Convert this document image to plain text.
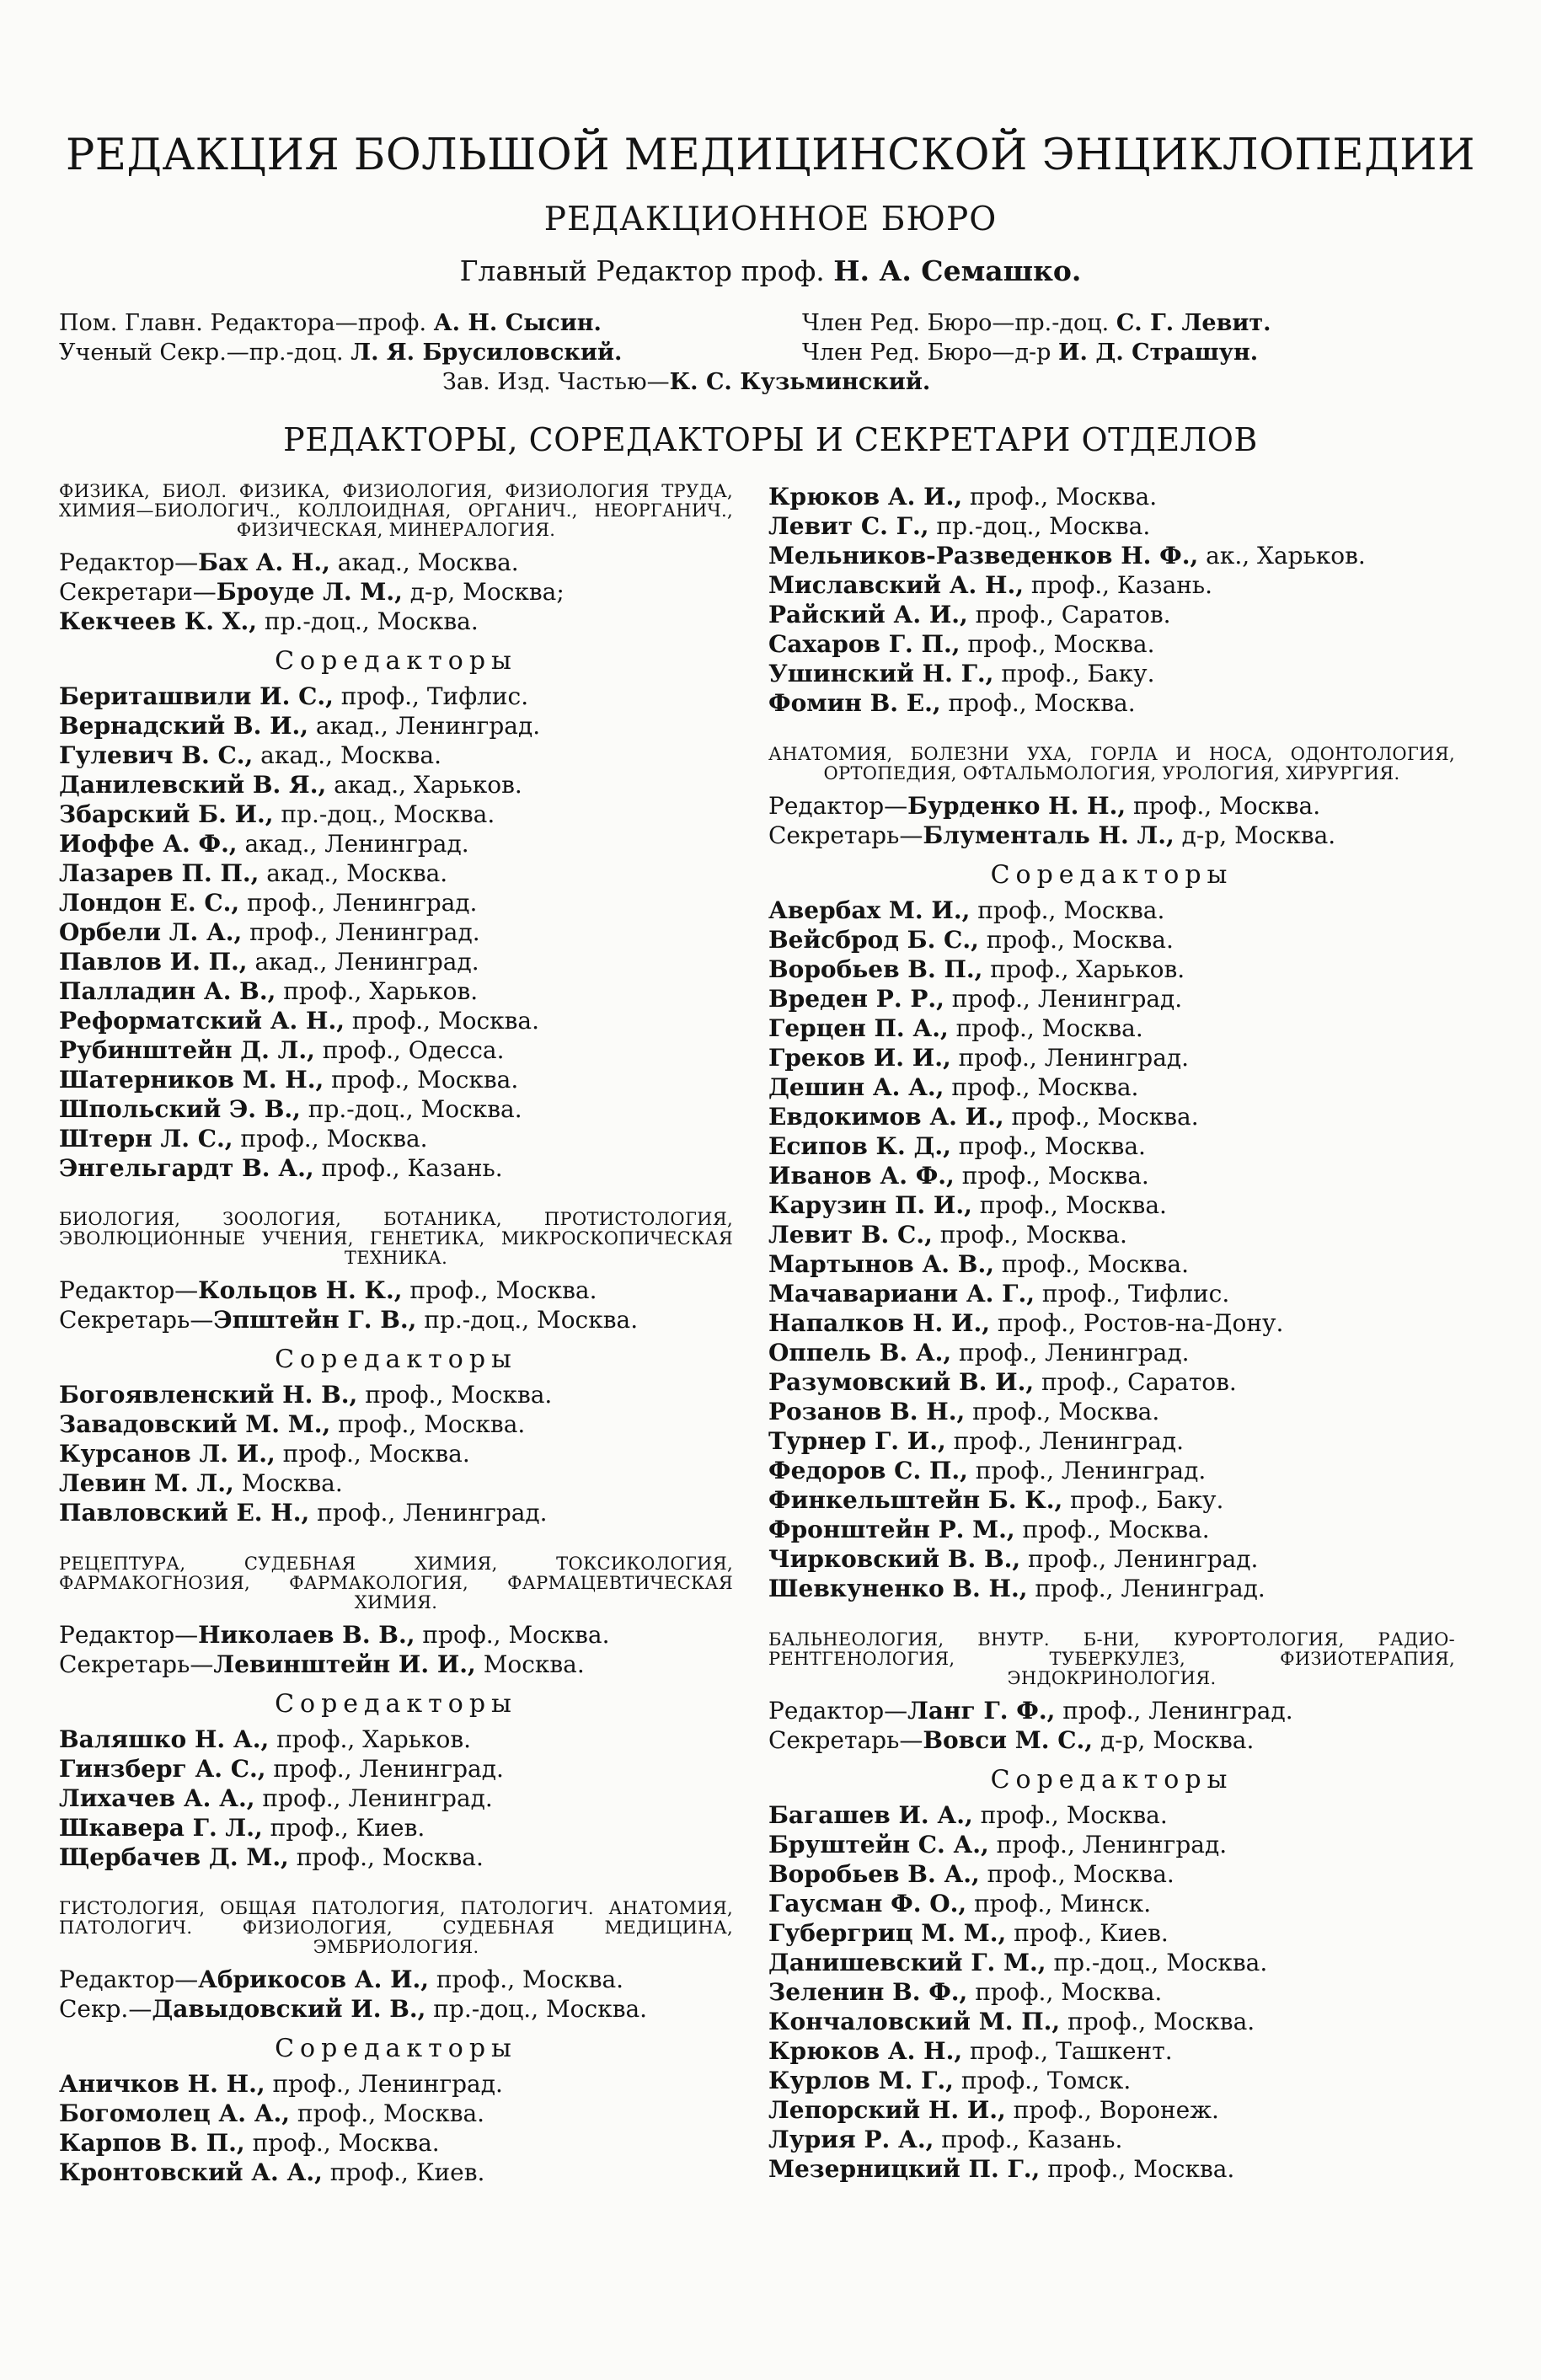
РЕДАКЦИЯ БОЛЬШОЙ МЕДИЦИНСКОЙ ЭНЦИКЛОПЕДИИ
РЕДАКЦИОННОЕ БЮРО
Главный Редактор проф. Н. А. Семашко.
Пом. Главн. Редактора—проф. А. Н. Сысин.	Член Ред. Бюро—пр.-доц. С. Г. Левит.
Ученый Секр.—пр.-доц. Л. Я. Брусиловский.	Член Ред. Бюро—д-р И. Д. Страшун.
Зав. Изд. Частью—К. С. Кузьминский.
РЕДАКТОРЫ, СОРЕДАКТОРЫ И СЕКРЕТАРИ ОТДЕЛОВ
ФИЗИКА, БИОЛ. ФИЗИКА, ФИЗИОЛОГИЯ, ФИЗИОЛОГИЯ ТРУДА, ХИМИЯ—БИОЛОГИЧ., КОЛЛОИДНАЯ, ОРГАНИЧ., НЕОРГАНИЧ., ФИЗИЧЕСКАЯ, МИНЕРАЛОГИЯ.
Редактор—Бах А. Н., акад., Москва.
Секретари—Броуде Л. М., д-р, Москва;
Кекчеев К. Х., пр.-доц., Москва.
Соредакторы
Бериташвили И. С., проф., Тифлис.
Вернадский В. И., акад., Ленинград.
Гулевич В. С., акад., Москва.
Данилевский В. Я., акад., Харьков.
Збарский Б. И., пр.-доц., Москва.
Иоффе А. Ф., акад., Ленинград.
Лазарев П. П., акад., Москва.
Лондон Е. С., проф., Ленинград.
Орбели Л. А., проф., Ленинград.
Павлов И. П., акад., Ленинград.
Палладин А. В., проф., Харьков.
Реформатский А. Н., проф., Москва.
Рубинштейн Д. Л., проф., Одесса.
Шатерников М. Н., проф., Москва.
Шпольский Э. В., пр.-доц., Москва.
Штерн Л. С., проф., Москва.
Энгельгардт В. А., проф., Казань.
БИОЛОГИЯ, ЗООЛОГИЯ, БОТАНИКА, ПРОТИСТОЛОГИЯ, ЭВОЛЮЦИОННЫЕ УЧЕНИЯ, ГЕНЕТИКА, МИКРОСКОПИЧЕСКАЯ ТЕХНИКА.
Редактор—Кольцов Н. К., проф., Москва.
Секретарь—Эпштейн Г. В., пр.-доц., Москва.
Соредакторы
Богоявленский Н. В., проф., Москва.
Завадовский М. М., проф., Москва.
Курсанов Л. И., проф., Москва.
Левин М. Л., Москва.
Павловский Е. Н., проф., Ленинград.
РЕЦЕПТУРА, СУДЕБНАЯ ХИМИЯ, ТОКСИКОЛОГИЯ, ФАРМАКОГНОЗИЯ, ФАРМАКОЛОГИЯ, ФАРМАЦЕВТИЧЕСКАЯ ХИМИЯ.
Редактор—Николаев В. В., проф., Москва.
Секретарь—Левинштейн И. И., Москва.
Соредакторы
Валяшко Н. А., проф., Харьков.
Гинзберг А. С., проф., Ленинград.
Лихачев А. А., проф., Ленинград.
Шкавера Г. Л., проф., Киев.
Щербачев Д. М., проф., Москва.
ГИСТОЛОГИЯ, ОБЩАЯ ПАТОЛОГИЯ, ПАТОЛОГИЧ. АНАТОМИЯ, ПАТОЛОГИЧ. ФИЗИОЛОГИЯ, СУДЕБНАЯ МЕДИЦИНА, ЭМБРИОЛОГИЯ.
Редактор—Абрикосов А. И., проф., Москва.
Секр.—Давыдовский И. В., пр.-доц., Москва.
Соредакторы
Аничков Н. Н., проф., Ленинград.
Богомолец А. А., проф., Москва.
Карпов В. П., проф., Москва.
Кронтовский А. А., проф., Киев.
Крюков А. И., проф., Москва.
Левит С. Г., пр.-доц., Москва.
Мельников-Разведенков Н. Ф., ак., Харьков.
Миславский А. Н., проф., Казань.
Райский А. И., проф., Саратов.
Сахаров Г. П., проф., Москва.
Ушинский Н. Г., проф., Баку.
Фомин В. Е., проф., Москва.
АНАТОМИЯ, БОЛЕЗНИ УХА, ГОРЛА И НОСА, ОДОНТОЛОГИЯ, ОРТОПЕДИЯ, ОФТАЛЬМОЛОГИЯ, УРОЛОГИЯ, ХИРУРГИЯ.
Редактор—Бурденко Н. Н., проф., Москва.
Секретарь—Блументаль Н. Л., д-р, Москва.
Соредакторы
Авербах М. И., проф., Москва.
Вейсброд Б. С., проф., Москва.
Воробьев В. П., проф., Харьков.
Вреден Р. Р., проф., Ленинград.
Герцен П. А., проф., Москва.
Греков И. И., проф., Ленинград.
Дешин А. А., проф., Москва.
Евдокимов А. И., проф., Москва.
Есипов К. Д., проф., Москва.
Иванов А. Ф., проф., Москва.
Карузин П. И., проф., Москва.
Левит В. С., проф., Москва.
Мартынов А. В., проф., Москва.
Мачавариани А. Г., проф., Тифлис.
Напалков Н. И., проф., Ростов-на-Дону.
Оппель В. А., проф., Ленинград.
Разумовский В. И., проф., Саратов.
Розанов В. Н., проф., Москва.
Турнер Г. И., проф., Ленинград.
Федоров С. П., проф., Ленинград.
Финкельштейн Б. К., проф., Баку.
Фронштейн Р. М., проф., Москва.
Чирковский В. В., проф., Ленинград.
Шевкуненко В. Н., проф., Ленинград.
БАЛЬНЕОЛОГИЯ, ВНУТР. Б-НИ, КУРОРТОЛОГИЯ, РАДИО-РЕНТГЕНОЛОГИЯ, ТУБЕРКУЛЕЗ, ФИЗИОТЕРАПИЯ, ЭНДОКРИНОЛОГИЯ.
Редактор—Ланг Г. Ф., проф., Ленинград.
Секретарь—Вовси М. С., д-р, Москва.
Соредакторы
Багашев И. А., проф., Москва.
Бруштейн С. А., проф., Ленинград.
Воробьев В. А., проф., Москва.
Гаусман Ф. О., проф., Минск.
Губергриц М. М., проф., Киев.
Данишевский Г. М., пр.-доц., Москва.
Зеленин В. Ф., проф., Москва.
Кончаловский М. П., проф., Москва.
Крюков А. Н., проф., Ташкент.
Курлов М. Г., проф., Томск.
Лепорский Н. И., проф., Воронеж.
Лурия Р. А., проф., Казань.
Мезерницкий П. Г., проф., Москва.
